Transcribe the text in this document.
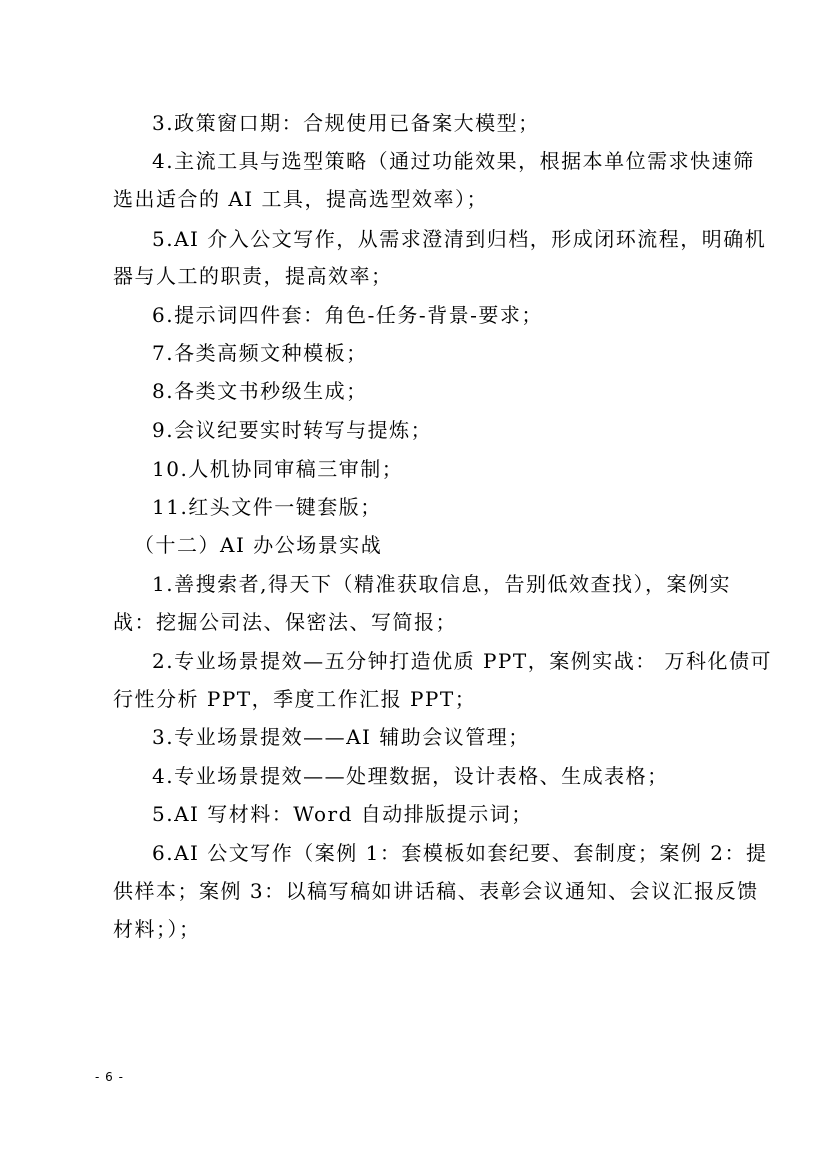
3.政策窗口期：合规使用已备案大模型；
4.主流工具与选型策略（通过功能效果，根据本单位需求快速筛
选出适合的 AI 工具，提高选型效率）；
5.AI 介入公文写作，从需求澄清到归档，形成闭环流程，明确机
器与人工的职责，提高效率；
6.提示词四件套：角色-任务-背景-要求；
7.各类高频文种模板；
8.各类文书秒级生成；
9.会议纪要实时转写与提炼；
10.人机协同审稿三审制；
11.红头文件一键套版；
（十二）AI 办公场景实战
1.善搜索者,得天下（精准获取信息，告别低效查找），案例实
战：挖掘公司法、保密法、写简报；
2.专业场景提效—五分钟打造优质 PPT，案例实战： 万科化债可
行性分析 PPT，季度工作汇报 PPT；
3.专业场景提效——AI 辅助会议管理；
4.专业场景提效——处理数据，设计表格、生成表格；
5.AI 写材料：Word 自动排版提示词；
6.AI 公文写作（案例 1：套模板如套纪要、套制度；案例 2：提
供样本；案例 3：以稿写稿如讲话稿、表彰会议通知、会议汇报反馈
材料；）；
- 6 -
